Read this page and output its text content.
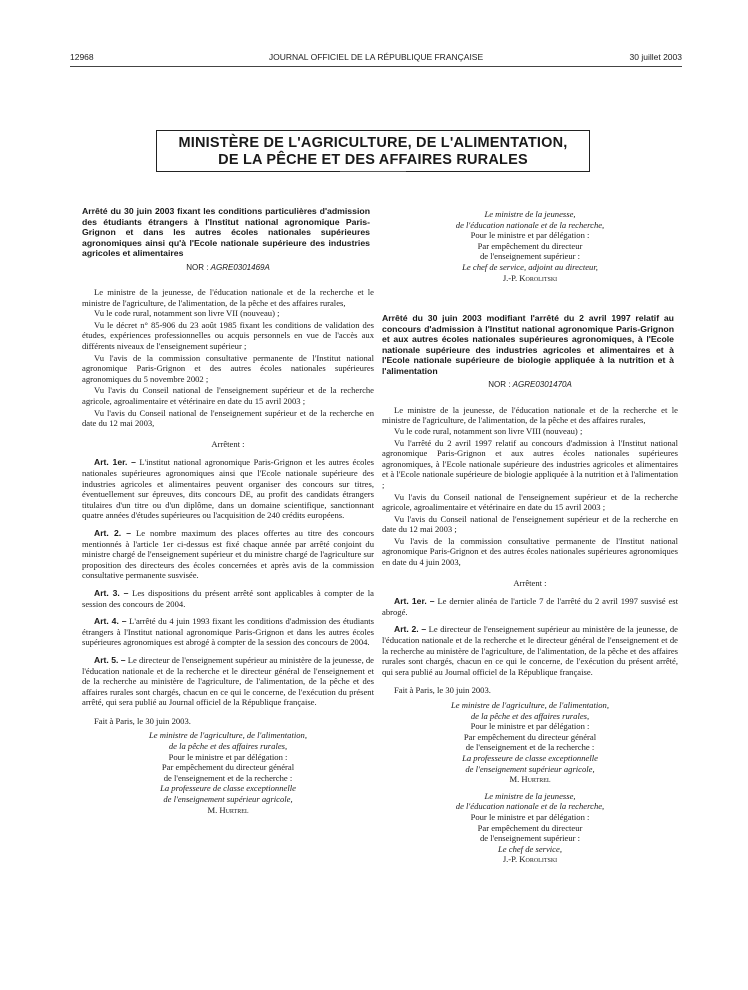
12968	JOURNAL OFFICIEL DE LA RÉPUBLIQUE FRANÇAISE	30 juillet 2003
MINISTÈRE DE L'AGRICULTURE, DE L'ALIMENTATION,
DE LA PÊCHE ET DES AFFAIRES RURALES
Arrêté du 30 juin 2003 fixant les conditions particulières d'admission des étudiants étrangers à l'Institut national agronomique Paris-Grignon et dans les autres écoles nationales supérieures agronomiques ainsi qu'à l'Ecole nationale supérieure des industries agricoles et alimentaires
NOR : AGRE0301469A

Le ministre de la jeunesse, de l'éducation nationale et de la recherche et le ministre de l'agriculture, de l'alimentation, de la pêche et des affaires rurales,

Vu le code rural, notamment son livre VII (nouveau) ;

Vu le décret n° 85-906 du 23 août 1985 fixant les conditions de validation des études, expériences professionnelles ou acquis personnels en vue de l'accès aux différents niveaux de l'enseignement supérieur ;

Vu l'avis de la commission consultative permanente de l'Institut national agronomique Paris-Grignon et des autres écoles nationales supérieures agronomiques du 5 novembre 2002 ;

Vu l'avis du Conseil national de l'enseignement supérieur et de la recherche agricole, agroalimentaire et vétérinaire en date du 15 avril 2003 ;

Vu l'avis du Conseil national de l'enseignement supérieur et de la recherche en date du 12 mai 2003,

Arrêtent :

Art. 1er. – L'institut national agronomique Paris-Grignon et les autres écoles nationales supérieures agronomiques ainsi que l'Ecole nationale supérieure des industries agricoles et alimentaires peuvent organiser des concours sur titres, éventuellement sur épreuves, dits concours DE, au profit des candidats étrangers titulaires d'un titre ou d'un diplôme, dans un domaine scientifique, sanctionnant quatre années d'études supérieures ou l'acquisition de 240 crédits européens.

Art. 2. – Le nombre maximum des places offertes au titre des concours mentionnés à l'article 1er ci-dessus est fixé chaque année par arrêté conjoint du ministre chargé de l'enseignement supérieur et du ministre chargé de l'agriculture sur proposition des directeurs des écoles concernées et après avis de la commission consultative permanente susvisée.

Art. 3. – Les dispositions du présent arrêté sont applicables à compter de la session des concours de 2004.

Art. 4. – L'arrêté du 4 juin 1993 fixant les conditions d'admission des étudiants étrangers à l'Institut national agronomique Paris-Grignon et dans les autres écoles supérieures agronomiques est abrogé à compter de la session des concours de 2004.

Art. 5. – Le directeur de l'enseignement supérieur au ministère de la jeunesse, de l'éducation nationale et de la recherche et le directeur général de l'enseignement et de la recherche au ministère de l'agriculture, de l'alimentation, de la pêche et des affaires rurales sont chargés, chacun en ce qui le concerne, de l'exécution du présent arrêté, qui sera publié au Journal officiel de la République française.

Fait à Paris, le 30 juin 2003.

Le ministre de l'agriculture, de l'alimentation,

de la pêche et des affaires rurales,

Pour le ministre et par délégation :

Par empêchement du directeur général

de l'enseignement et de la recherche :

La professeure de classe exceptionnelle

de l'enseignement supérieur agricole,

M. Hurtrel

Le ministre de la jeunesse,

de l'éducation nationale et de la recherche,

Pour le ministre et par délégation :

Par empêchement du directeur

de l'enseignement supérieur :

Le chef de service, adjoint au directeur,

J.-P. Korolitski

Arrêté du 30 juin 2003 modifiant l'arrêté du 2 avril 1997 relatif au concours d'admission à l'Institut national agronomique Paris-Grignon et aux autres écoles nationales supérieures agronomiques, à l'Ecole nationale supérieure des industries agricoles et alimentaires et à l'Ecole nationale supérieure de biologie appliquée à la nutrition et à l'alimentation
NOR : AGRE0301470A

Le ministre de la jeunesse, de l'éducation nationale et de la recherche et le ministre de l'agriculture, de l'alimentation, de la pêche et des affaires rurales,

Vu le code rural, notamment son livre VIII (nouveau) ;

Vu l'arrêté du 2 avril 1997 relatif au concours d'admission à l'Institut national agronomique Paris-Grignon et aux autres écoles nationales supérieures agronomiques, à l'Ecole nationale supérieure des industries agricoles et alimentaires et à l'Ecole nationale supérieure de biologie appliquée à la nutrition et à l'alimentation ;

Vu l'avis du Conseil national de l'enseignement supérieur et de la recherche agricole, agroalimentaire et vétérinaire en date du 15 avril 2003 ;

Vu l'avis du Conseil national de l'enseignement supérieur et de la recherche en date du 12 mai 2003 ;

Vu l'avis de la commission consultative permanente de l'Institut national agronomique Paris-Grignon et des autres écoles nationales supérieures agronomiques en date du 4 juin 2003,

Arrêtent :

Art. 1er. – Le dernier alinéa de l'article 7 de l'arrêté du 2 avril 1997 susvisé est abrogé.

Art. 2. – Le directeur de l'enseignement supérieur au ministère de la jeunesse, de l'éducation nationale et de la recherche et le directeur général de l'enseignement et de la recherche au ministère de l'agriculture, de l'alimentation, de la pêche et des affaires rurales sont chargés, chacun en ce qui le concerne, de l'exécution du présent arrêté, qui sera publié au Journal officiel de la République française.

Fait à Paris, le 30 juin 2003.

Le ministre de l'agriculture, de l'alimentation,

de la pêche et des affaires rurales,

Pour le ministre et par délégation :

Par empêchement du directeur général

de l'enseignement et de la recherche :

La professeure de classe exceptionnelle

de l'enseignement supérieur agricole,

M. Hurtrel

Le ministre de la jeunesse,

de l'éducation nationale et de la recherche,

Pour le ministre et par délégation :

Par empêchement du directeur

de l'enseignement supérieur :

Le chef de service,

J.-P. Korolitski
